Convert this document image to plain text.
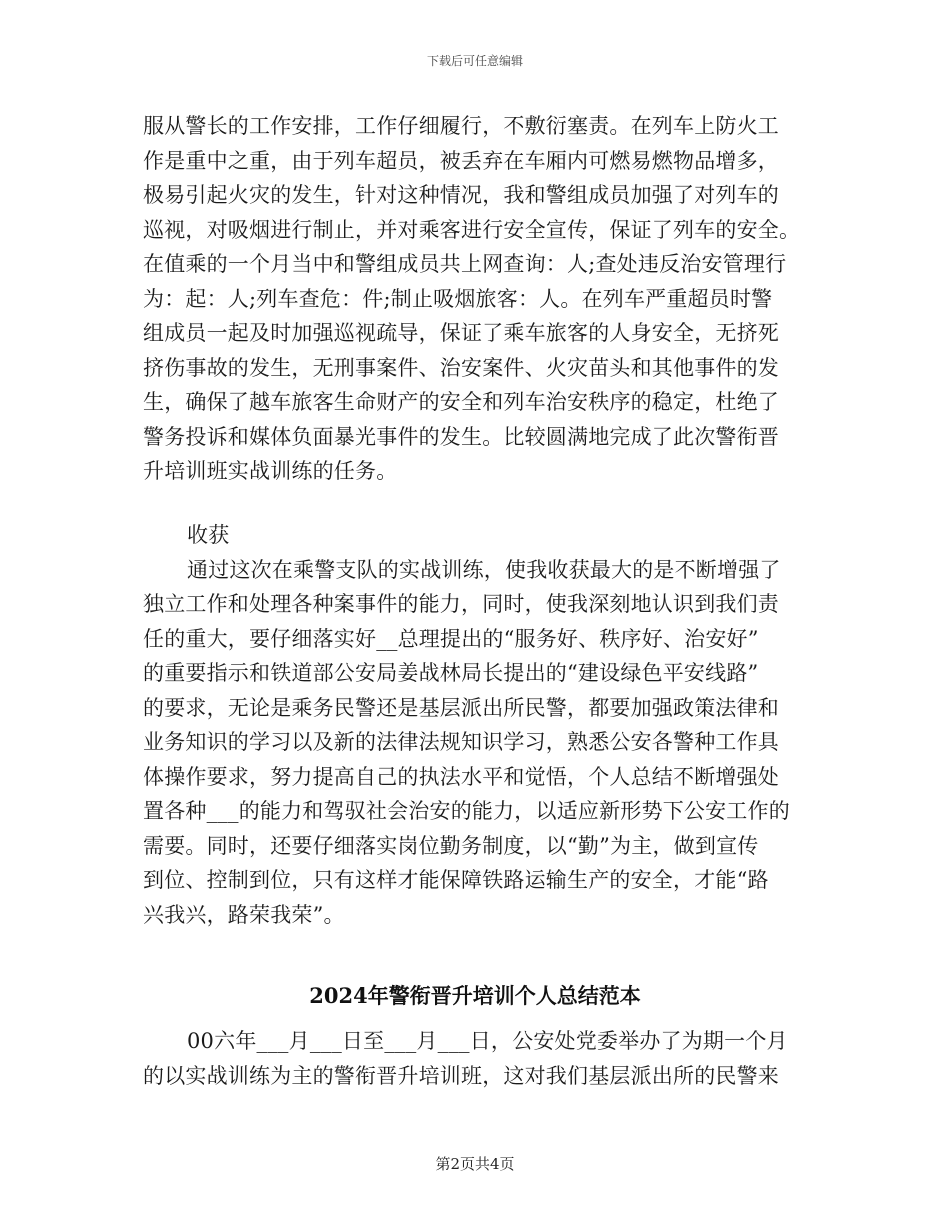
下载后可任意编辑
服从警长的工作安排，工作仔细履行，不敷衍塞责。在列车上防火工
作是重中之重，由于列车超员，被丢弃在车厢内可燃易燃物品增多，
极易引起火灾的发生，针对这种情况，我和警组成员加强了对列车的
巡视，对吸烟进行制止，并对乘客进行安全宣传，保证了列车的安全。
在值乘的一个月当中和警组成员共上网查询：人;查处违反治安管理行
为：起：人;列车查危：件;制止吸烟旅客：人。在列车严重超员时警
组成员一起及时加强巡视疏导，保证了乘车旅客的人身安全，无挤死
挤伤事故的发生，无刑事案件、治安案件、火灾苗头和其他事件的发
生，确保了越车旅客生命财产的安全和列车治安秩序的稳定，杜绝了
警务投诉和媒体负面暴光事件的发生。比较圆满地完成了此次警衔晋
升培训班实战训练的任务。
收获
通过这次在乘警支队的实战训练，使我收获最大的是不断增强了
独立工作和处理各种案事件的能力，同时，使我深刻地认识到我们责
任的重大，要仔细落实好__总理提出的“服务好、秩序好、治安好”
的重要指示和铁道部公安局姜战林局长提出的“建设绿色平安线路”
的要求，无论是乘务民警还是基层派出所民警，都要加强政策法律和
业务知识的学习以及新的法律法规知识学习，熟悉公安各警种工作具
体操作要求，努力提高自己的执法水平和觉悟，个人总结不断增强处
置各种___的能力和驾驭社会治安的能力，以适应新形势下公安工作的
需要。同时，还要仔细落实岗位勤务制度，以“勤”为主，做到宣传
到位、控制到位，只有这样才能保障铁路运输生产的安全，才能“路
兴我兴，路荣我荣”。
2024年警衔晋升培训个人总结范本
00六年___月___日至___月___日，公安处党委举办了为期一个月
的以实战训练为主的警衔晋升培训班，这对我们基层派出所的民警来
第2页共4页
